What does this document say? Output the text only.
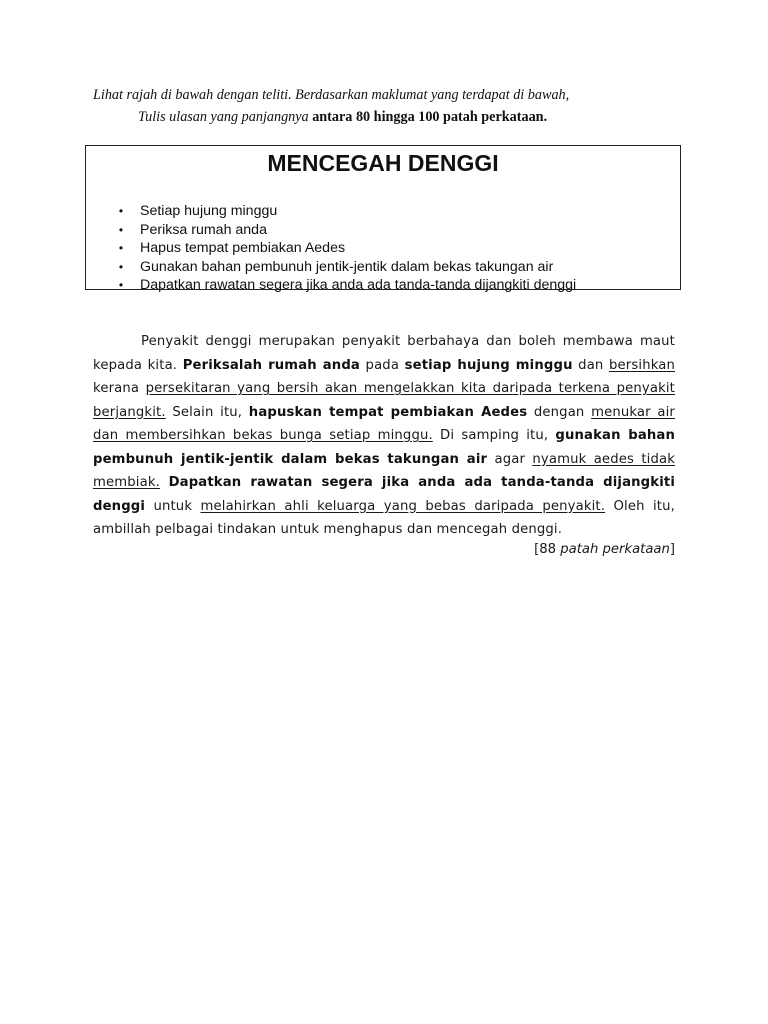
Lihat rajah di bawah dengan teliti. Berdasarkan maklumat yang terdapat di bawah,
Tulis ulasan yang panjangnya antara 80 hingga 100 patah perkataan.
MENCEGAH DENGGI
• Setiap hujung minggu
• Periksa rumah anda
• Hapus tempat pembiakan Aedes
• Gunakan bahan pembunuh jentik-jentik dalam bekas takungan air
• Dapatkan rawatan segera jika anda ada tanda-tanda dijangkiti denggi

Penyakit denggi merupakan penyakit berbahaya dan boleh membawa maut kepada kita. Periksalah rumah anda pada setiap hujung minggu dan bersihkan kerana persekitaran yang bersih akan mengelakkan kita daripada terkena penyakit berjangkit. Selain itu, hapuskan tempat pembiakan Aedes dengan menukar air dan membersihkan bekas bunga setiap minggu. Di samping itu, gunakan bahan pembunuh jentik-jentik dalam bekas takungan air agar nyamuk aedes tidak membiak. Dapatkan rawatan segera jika anda ada tanda-tanda dijangkiti denggi untuk melahirkan ahli keluarga yang bebas daripada penyakit. Oleh itu, ambillah pelbagai tindakan untuk menghapus dan mencegah denggi.

[88 patah perkataan]
